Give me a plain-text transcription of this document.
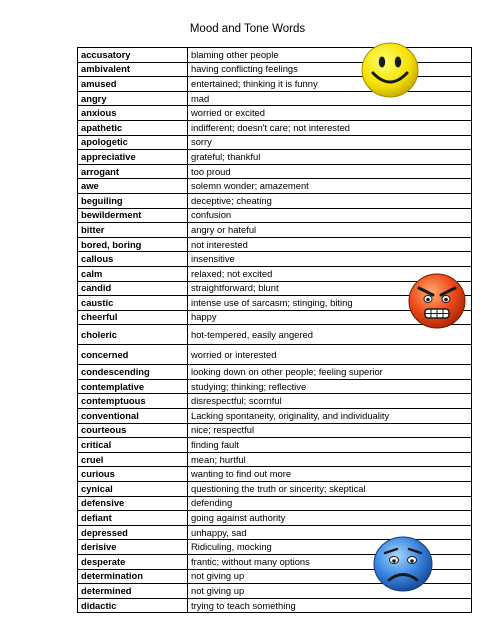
Mood and Tone Words
accusatory	blaming other people
ambivalent	having conflicting feelings
amused	entertained; thinking it is funny
angry	mad
anxious	worried or excited
apathetic	indifferent; doesn't care; not interested
apologetic	sorry
appreciative	grateful; thankful
arrogant	too proud
awe	solemn wonder; amazement
beguiling	deceptive; cheating
bewilderment	confusion
bitter	angry or hateful
bored, boring	not interested
callous	insensitive
calm	relaxed; not excited
candid	straightforward; blunt
caustic	intense use of sarcasm; stinging, biting
cheerful	happy
choleric	hot-tempered, easily angered
concerned	worried or interested
condescending	looking down on other people; feeling superior
contemplative	studying; thinking; reflective
contemptuous	disrespectful; scornful
conventional	Lacking spontaneity, originality, and individuality
courteous	nice; respectful
critical	finding fault
cruel	mean; hurtful
curious	wanting to find out more
cynical	questioning the truth or sincerity; skeptical
defensive	defending
defiant	going against authority
depressed	unhappy, sad
derisive	Ridiculing, mocking
desperate	frantic; without many options
determination	not giving up
determined	not giving up
didactic	trying to teach something
